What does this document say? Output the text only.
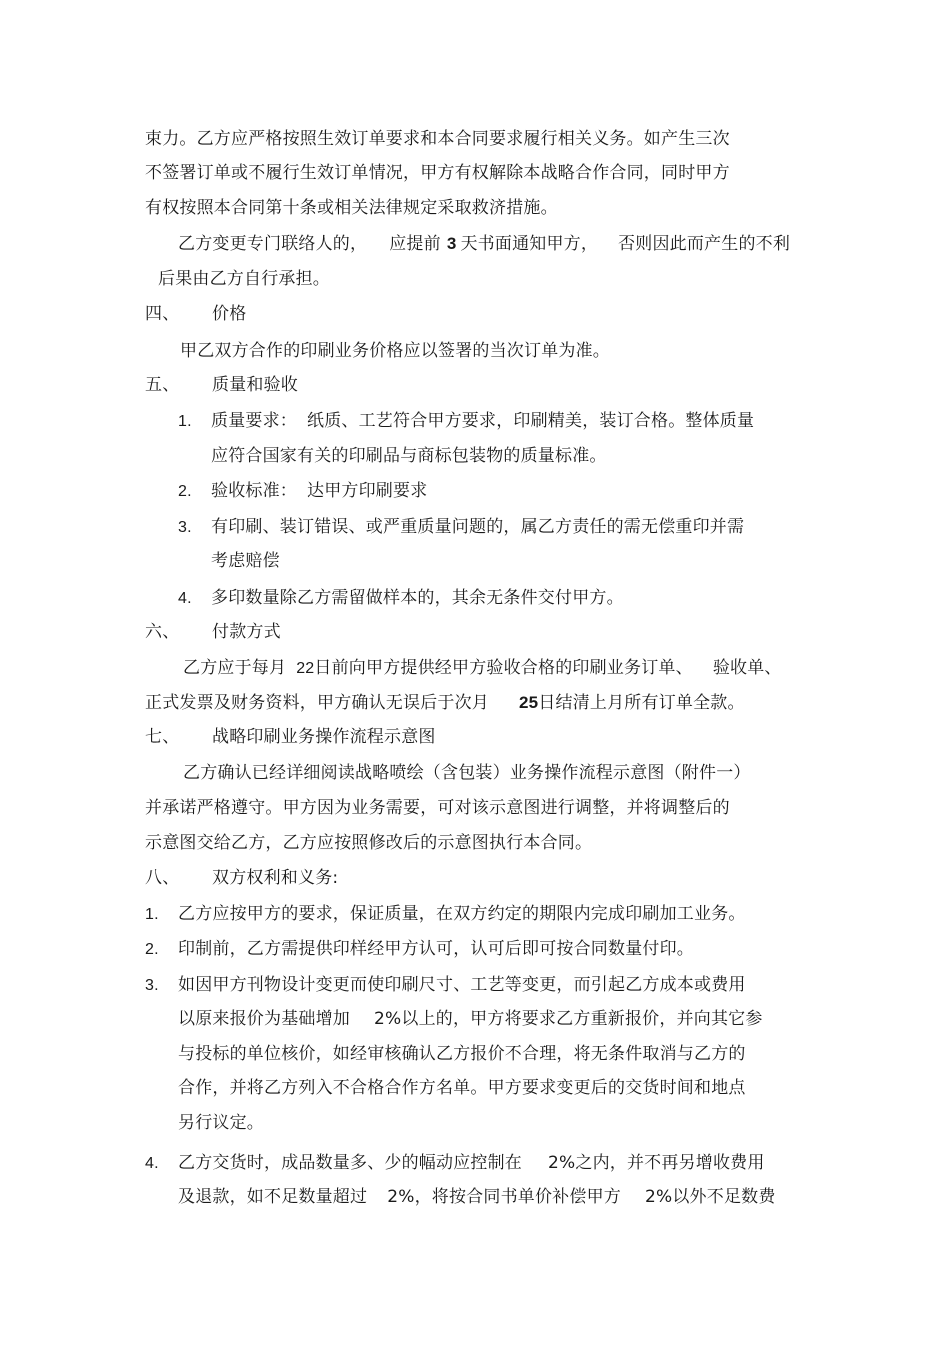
束力。乙方应严格按照生效订单要求和本合同要求履行相关义务。如产生三次
不签署订单或不履行生效订单情况，甲方有权解除本战略合作合同，同时甲方
有权按照本合同第十条或相关法律规定采取救济措施。
乙方变更专门联络人的， 应提前 3 天书面通知甲方， 否则因此而产生的不利
后果由乙方自行承担。
四、 价格
甲乙双方合作的印刷业务价格应以签署的当次订单为准。
五、 质量和验收
1. 质量要求： 纸质、工艺符合甲方要求，印刷精美，装订合格。整体质量
应符合国家有关的印刷品与商标包装物的质量标准。
2. 验收标准： 达甲方印刷要求
3. 有印刷、装订错误、或严重质量问题的，属乙方责任的需无偿重印并需
考虑赔偿
4. 多印数量除乙方需留做样本的，其余无条件交付甲方。
六、 付款方式
乙方应于每月 22日前向甲方提供经甲方验收合格的印刷业务订单、 验收单、
正式发票及财务资料，甲方确认无误后于次月 25日结清上月所有订单全款。
七、 战略印刷业务操作流程示意图
乙方确认已经详细阅读战略喷绘（含包装）业务操作流程示意图（附件一）
并承诺严格遵守。甲方因为业务需要，可对该示意图进行调整，并将调整后的
示意图交给乙方，乙方应按照修改后的示意图执行本合同。
八、 双方权利和义务:
1. 乙方应按甲方的要求，保证质量，在双方约定的期限内完成印刷加工业务。
2. 印制前，乙方需提供印样经甲方认可，认可后即可按合同数量付印。
3. 如因甲方刊物设计变更而使印刷尺寸、工艺等变更，而引起乙方成本或费用
以原来报价为基础增加 2%以上的，甲方将要求乙方重新报价，并向其它参
与投标的单位核价，如经审核确认乙方报价不合理，将无条件取消与乙方的
合作，并将乙方列入不合格合作方名单。甲方要求变更后的交货时间和地点
另行议定。
4. 乙方交货时，成品数量多、少的幅动应控制在 2%之内，并不再另增收费用
及退款，如不足数量超过 2%，将按合同书单价补偿甲方 2%以外不足数费
